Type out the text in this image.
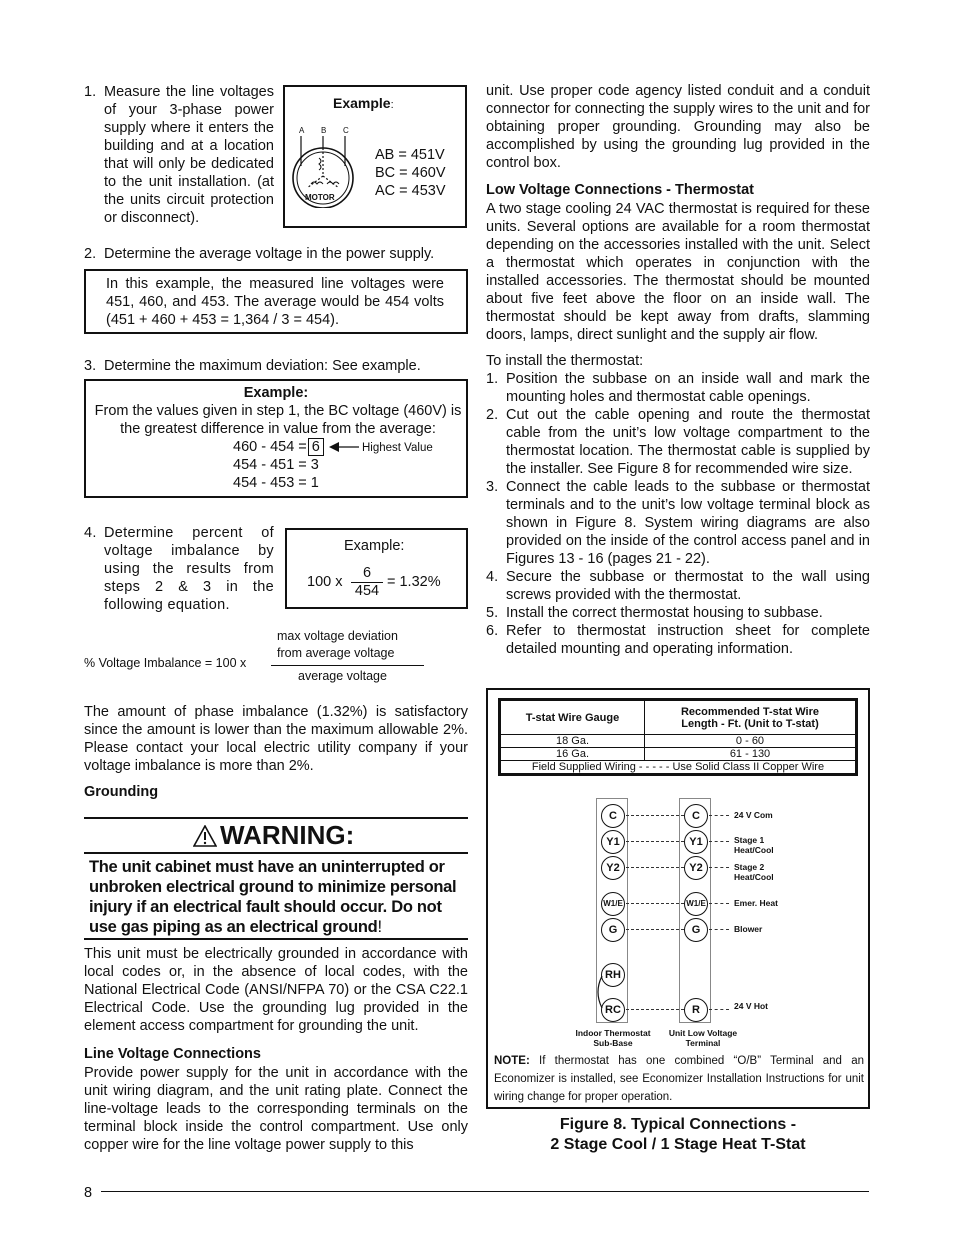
1. Measure the line voltages of your 3-phase power supply where it enters the building and at a location that will only be dedicated to the unit installation. (at the units circuit protection or disconnect).
Example:
A B C
MOTOR
AB = 451V
BC = 460V
AC = 453V
2. Determine the average voltage in the power supply.
In this example, the measured line voltages were 451, 460, and 453. The average would be 454 volts (451 + 460 + 453 = 1,364 / 3 = 454).
3. Determine the maximum deviation: See example.
Example:
From the values given in step 1, the BC voltage (460V) is the greatest difference in value from the average:
460 - 454 = 6	Highest Value
454 - 451 = 3
454 - 453 = 1
4. Determine percent of voltage imbalance by using the results from steps 2 & 3 in the following equation.
Example:
100 x $\frac{6}{454} = 1.32\%$
% Voltage Imbalance = 100 x
max voltage deviation
from average voltage
average voltage
The amount of phase imbalance (1.32%) is satisfactory since the amount is lower than the maximum allowable 2%. Please contact your local electric utility company if your voltage imbalance is more than 2%.
Grounding
WARNING:
The unit cabinet must have an uninterrupted or unbroken electrical ground to minimize personal injury if an electrical fault should occur. Do not use gas piping as an electrical ground!
This unit must be electrically grounded in accordance with local codes or, in the absence of local codes, with the National Electrical Code (ANSI/NFPA 70) or the CSA C22.1 Electrical Code. Use the grounding lug provided in the element access compartment for grounding the unit.
Line Voltage Connections
Provide power supply for the unit in accordance with the unit wiring diagram, and the unit rating plate. Connect the line-voltage leads to the corresponding terminals on the terminal block inside the control compartment. Use only copper wire for the line voltage power supply to this
unit. Use proper code agency listed conduit and a conduit connector for connecting the supply wires to the unit and for obtaining proper grounding. Grounding may also be accomplished by using the grounding lug provided in the control box.
Low Voltage Connections - Thermostat
A two stage cooling 24 VAC thermostat is required for these units. Several options are available for a room thermostat depending on the accessories installed with the unit. Select a thermostat which operates in conjunction with the installed accessories. The thermostat should be mounted about five feet above the floor on an inside wall. The thermostat should be kept away from drafts, slamming doors, lamps, direct sunlight and the supply air flow.
To install the thermostat:
1. Position the subbase on an inside wall and mark the mounting holes and thermostat cable openings.
2. Cut out the cable opening and route the thermostat cable from the unit’s low voltage compartment to the thermostat location. The thermostat cable is supplied by the installer. See Figure 8 for recommended wire size.
3. Connect the cable leads to the subbase or thermostat terminals and to the unit’s low voltage terminal block as shown in Figure 8. System wiring diagrams are also provided on the inside of the control access panel and in Figures 13 - 16 (pages 21 - 22).
4. Secure the subbase or thermostat to the wall using screws provided with the thermostat.
5. Install the correct thermostat housing to subbase.
6. Refer to thermostat instruction sheet for complete detailed mounting and operating information.
T-stat Wire Gauge	Recommended T-stat Wire Length - Ft. (Unit to T-stat)
18 Ga.	0 - 60
16 Ga.	61 - 130
Field Supplied Wiring - - - - - Use Solid Class II Copper Wire	
C
Y1
Y2
W1/E
G
RH
RC
C
Y1
Y2
W1/E
G
R
24 V Com
Stage 1 Heat/Cool
Stage 2 Heat/Cool
Emer. Heat
Blower
24 V Hot
Indoor Thermostat Sub-Base
Unit Low Voltage Terminal
NOTE: If thermostat has one combined “O/B” Terminal and an Economizer is installed, see Economizer Installation Instructions for unit wiring change for proper operation.
Figure 8. Typical Connections -
2 Stage Cool / 1 Stage Heat T-Stat
8
